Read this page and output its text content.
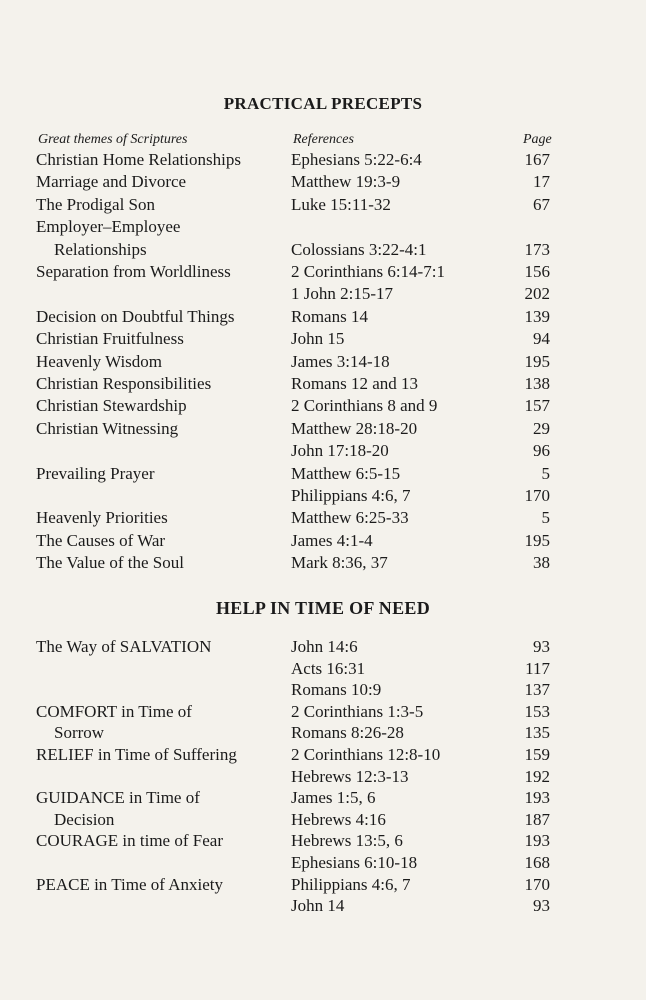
PRACTICAL PRECEPTS
Great themes of Scriptures	References	Page
Christian Home Relationships	Ephesians 5:22-6:4	167
Marriage and Divorce	Matthew 19:3-9	17
The Prodigal Son	Luke 15:11-32	67
Employer–Employee
Relationships	Colossians 3:22-4:1	173
Separation from Worldliness	2 Corinthians 6:14-7:1	156
1 John 2:15-17	202
Decision on Doubtful Things	Romans 14	139
Christian Fruitfulness	John 15	94
Heavenly Wisdom	James 3:14-18	195
Christian Responsibilities	Romans 12 and 13	138
Christian Stewardship	2 Corinthians 8 and 9	157
Christian Witnessing	Matthew 28:18-20	29
John 17:18-20	96
Prevailing Prayer	Matthew 6:5-15	5
Philippians 4:6, 7	170
Heavenly Priorities	Matthew 6:25-33	5
The Causes of War	James 4:1-4	195
The Value of the Soul	Mark 8:36, 37	38
HELP IN TIME OF NEED
The Way of SALVATION	John 14:6	93
Acts 16:31	117
Romans 10:9	137
COMFORT in Time of	2 Corinthians 1:3-5	153
Sorrow	Romans 8:26-28	135
RELIEF in Time of Suffering	2 Corinthians 12:8-10	159
Hebrews 12:3-13	192
GUIDANCE in Time of	James 1:5, 6	193
Decision	Hebrews 4:16	187
COURAGE in time of Fear	Hebrews 13:5, 6	193
Ephesians 6:10-18	168
PEACE in Time of Anxiety	Philippians 4:6, 7	170
John 14	93
